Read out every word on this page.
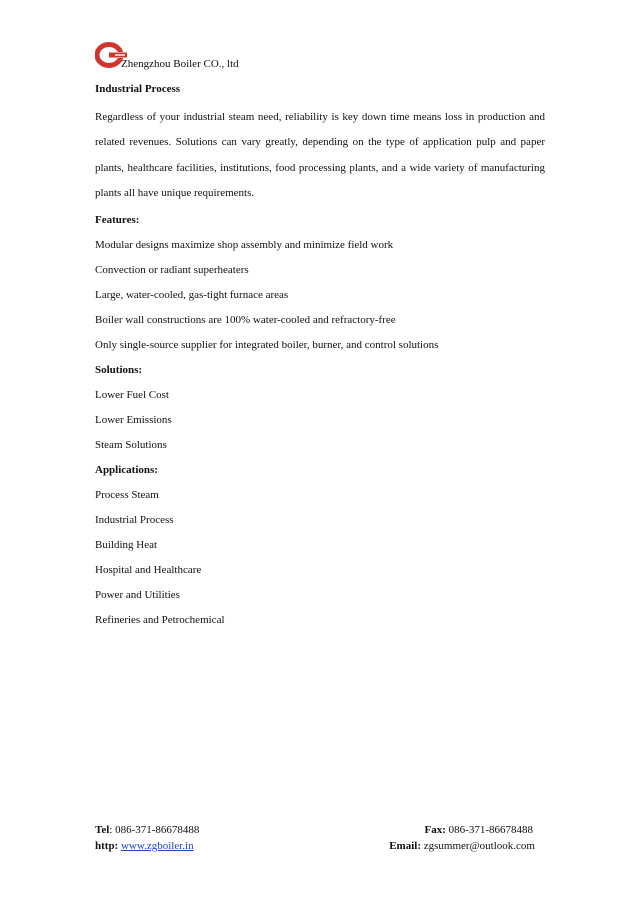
Zhengzhou Boiler CO., ltd
Industrial Process
Regardless of your industrial steam need, reliability is key down time means loss in production and related revenues. Solutions can vary greatly, depending on the type of application pulp and paper plants, healthcare facilities, institutions, food processing plants, and a wide variety of manufacturing plants all have unique requirements.
Features:
Modular designs maximize shop assembly and minimize field work
Convection or radiant superheaters
Large, water-cooled, gas-tight furnace areas
Boiler wall constructions are 100% water-cooled and refractory-free
Only single-source supplier for integrated boiler, burner, and control solutions
Solutions:
Lower Fuel Cost
Lower Emissions
Steam Solutions
Applications:
Process Steam
Industrial Process
Building Heat
Hospital and Healthcare
Power and Utilities
Refineries and Petrochemical
Tel: 086-371-86678488	Fax: 086-371-86678488
http: www.zgboiler.in	Email: zgsummer@outlook.com
